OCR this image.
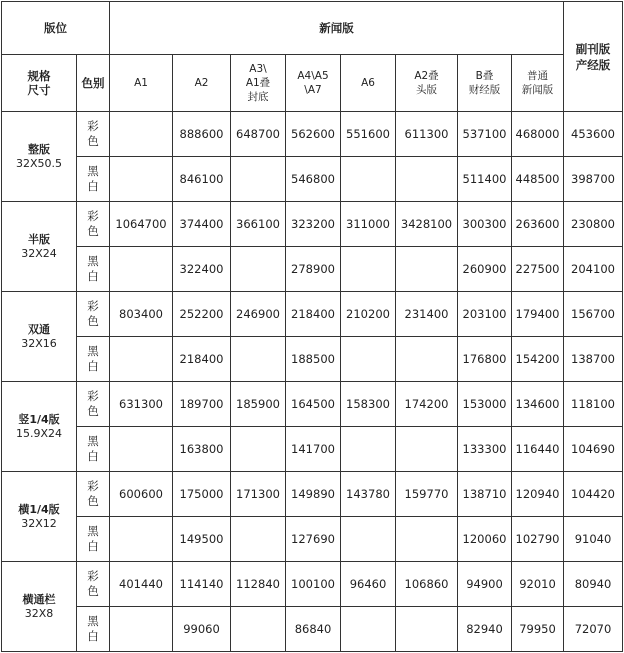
版位		新闻版								副刊版
产经版
规格
尺寸	色别	A1	A2	A3\
A1叠
封底	A4\A5
\A7	A6	A2叠
头版	B叠
财经版	普通
新闻版	

整版
32X50.5	彩
色		888600	648700	562600	551600	611300	537100	468000	453600
	黑
白		846100		546800			511400	448500	398700

半版
32X24	彩
色	1064700	374400	366100	323200	311000	3428100	300300	263600	230800
	黑
白		322400		278900			260900	227500	204100

双通
32X16	彩
色	803400	252200	246900	218400	210200	231400	203100	179400	156700
	黑
白		218400		188500			176800	154200	138700

竖1/4版
15.9X24	彩
色	631300	189700	185900	164500	158300	174200	153000	134600	118100
	黑
白		163800		141700			133300	116440	104690

横1/4版
32X12	彩
色	600600	175000	171300	149890	143780	159770	138710	120940	104420
	黑
白		149500		127690			120060	102790	91040

横通栏
32X8	彩
色	401440	114140	112840	100100	96460	106860	94900	92010	80940
	黑
白		99060		86840			82940	79950	72070
